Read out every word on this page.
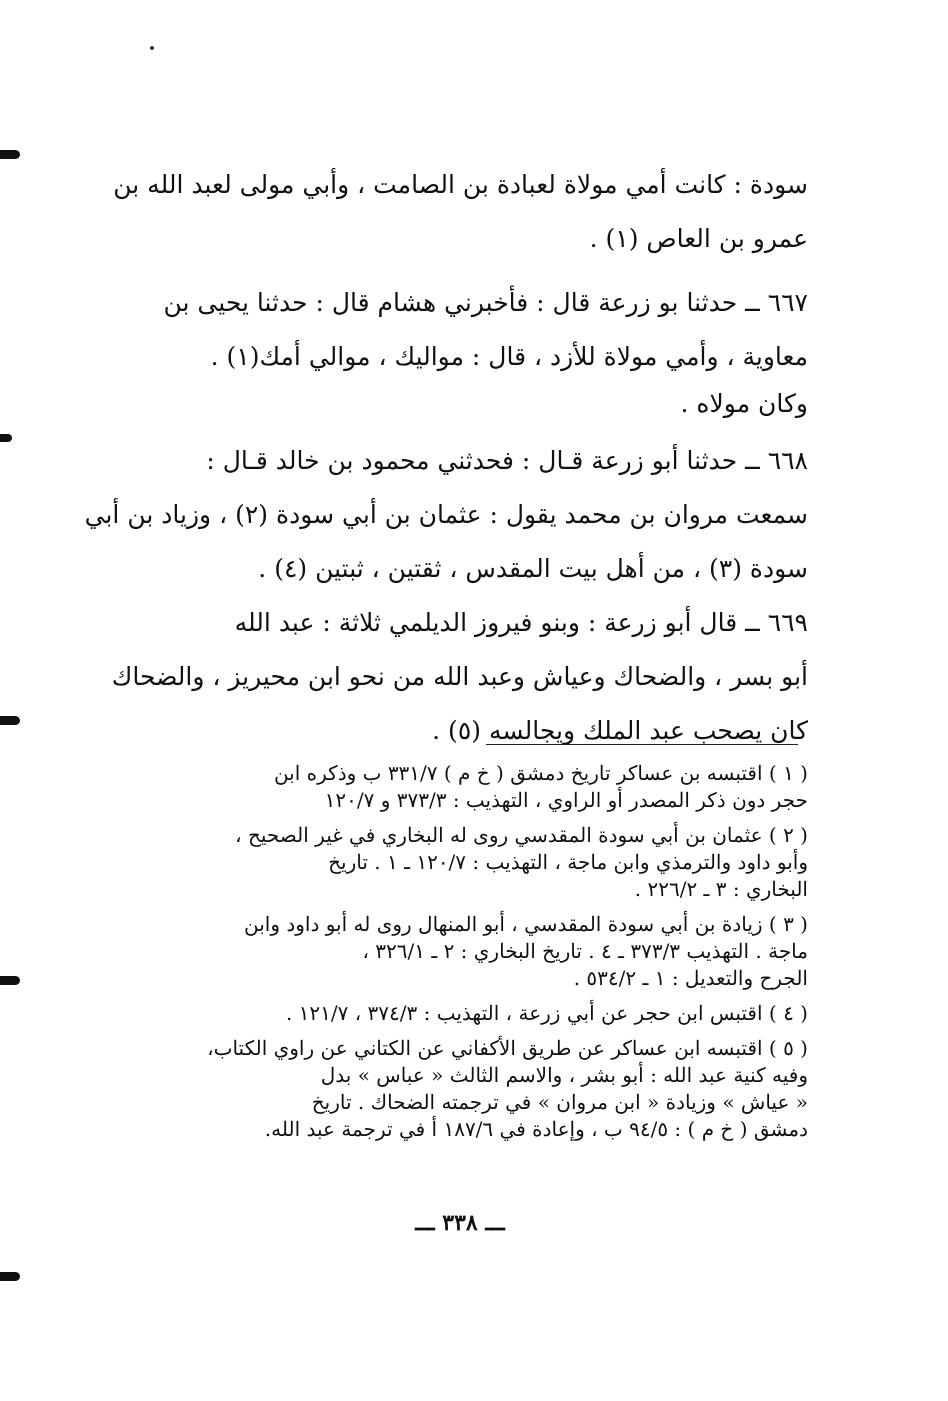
سودة : كانت أمي مولاة لعبادة بن الصامت ، وأبي مولى لعبد الله بن
عمرو بن العاص (١) .
٦٦٧ ــ حدثنا بو زرعة قال : فأخبرني هشام قال : حدثنا يحيى بن
معاوية ، وأمي مولاة للأزد ، قال : مواليك ، موالي أمك(١) .
وكان مولاه .
٦٦٨ ــ حدثنا أبو زرعة قـال : فحدثني محمود بن خالد قـال :
سمعت مروان بن محمد يقول : عثمان بن أبي سودة (٢) ، وزياد بن أبي
سودة (٣) ، من أهل بيت المقدس ، ثقتين ، ثبتين (٤) .
٦٦٩ ــ قال أبو زرعة : وبنو فيروز الديلمي ثلاثة : عبد الله
أبو بسر ، والضحاك وعياش وعبد الله من نحو ابن محيريز ، والضحاك
كان يصحب عبد الملك ويجالسه (٥) .
( ١ ) اقتبسه بن عساكر تاريخ دمشق ( خ م ) ٣٣١/٧ ب وذكره ابن
حجر دون ذكر المصدر أو الراوي ، التهذيب : ٣٧٣/٣ و ١٢٠/٧
( ٢ ) عثمان بن أبي سودة المقدسي روى له البخاري في غير الصحيح ،
وأبو داود والترمذي وابن ماجة ، التهذيب : ١٢٠/٧ ـ ١ . تاريخ
البخاري : ٣ ـ ٢٢٦/٢ .
( ٣ ) زيادة بن أبي سودة المقدسي ، أبو المنهال روى له أبو داود وابن
ماجة . التهذيب ٣٧٣/٣ ـ ٤ . تاريخ البخاري : ٢ ـ ٣٢٦/١ ،
الجرح والتعديل : ١ ـ ٥٣٤/٢ .
( ٤ ) اقتبس ابن حجر عن أبي زرعة ، التهذيب : ٣٧٤/٣ ، ١٢١/٧ .
( ٥ ) اقتبسه ابن عساكر عن طريق الأكفاني عن الكتاني عن راوي الكتاب،
وفيه كنية عبد الله : أبو بشر ، والاسم الثالث « عباس » بدل
« عياش » وزيادة « ابن مروان » في ترجمته الضحاك . تاريخ
دمشق ( خ م ) : ٩٤/٥ ب ، وإعادة في ١٨٧/٦ أ في ترجمة عبد الله.
ـــ ٣٣٨ ـــ
